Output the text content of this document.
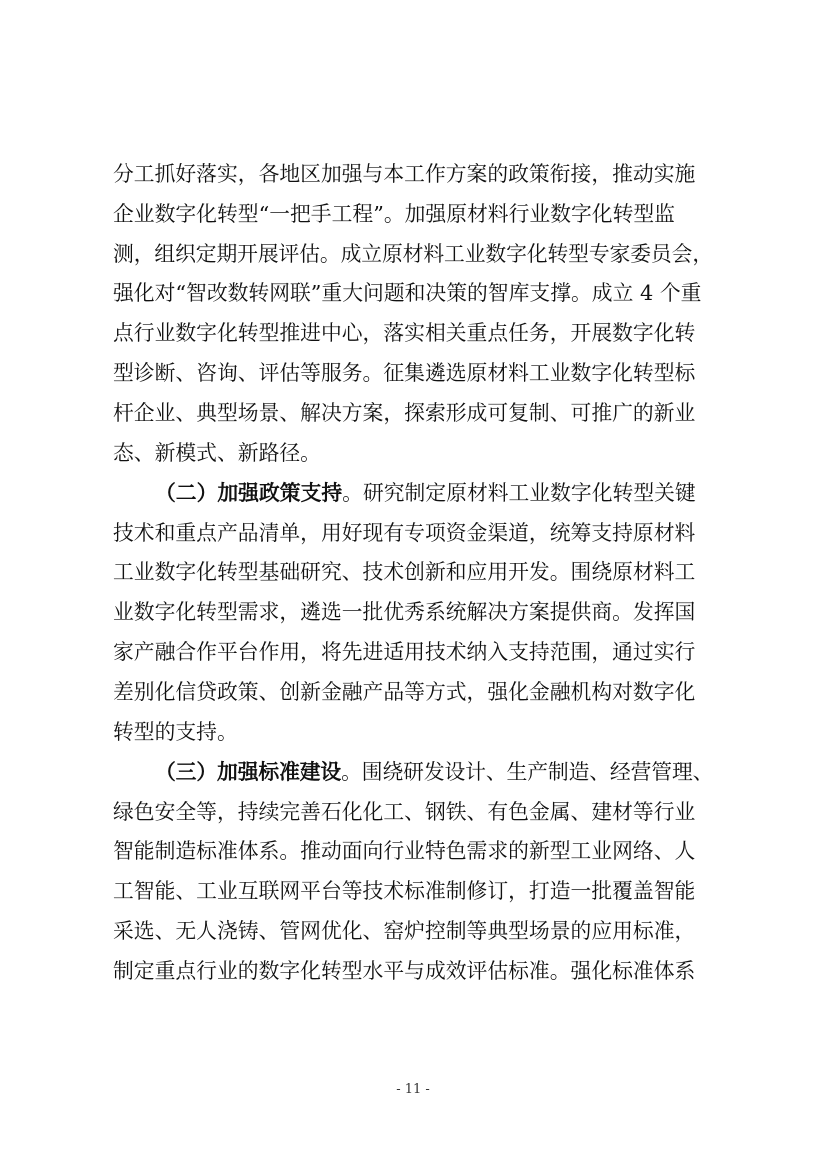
分工抓好落实，各地区加强与本工作方案的政策衔接，推动实施
企业数字化转型“一把手工程”。加强原材料行业数字化转型监
测，组织定期开展评估。成立原材料工业数字化转型专家委员会，
强化对“智改数转网联”重大问题和决策的智库支撑。成立 4 个重
点行业数字化转型推进中心，落实相关重点任务，开展数字化转
型诊断、咨询、评估等服务。征集遴选原材料工业数字化转型标
杆企业、典型场景、解决方案，探索形成可复制、可推广的新业
态、新模式、新路径。
（二）加强政策支持。研究制定原材料工业数字化转型关键
技术和重点产品清单，用好现有专项资金渠道，统筹支持原材料
工业数字化转型基础研究、技术创新和应用开发。围绕原材料工
业数字化转型需求，遴选一批优秀系统解决方案提供商。发挥国
家产融合作平台作用，将先进适用技术纳入支持范围，通过实行
差别化信贷政策、创新金融产品等方式，强化金融机构对数字化
转型的支持。
（三）加强标准建设。围绕研发设计、生产制造、经营管理、
绿色安全等，持续完善石化化工、钢铁、有色金属、建材等行业
智能制造标准体系。推动面向行业特色需求的新型工业网络、人
工智能、工业互联网平台等技术标准制修订，打造一批覆盖智能
采选、无人浇铸、管网优化、窑炉控制等典型场景的应用标准，
制定重点行业的数字化转型水平与成效评估标准。强化标准体系
- 11 -
